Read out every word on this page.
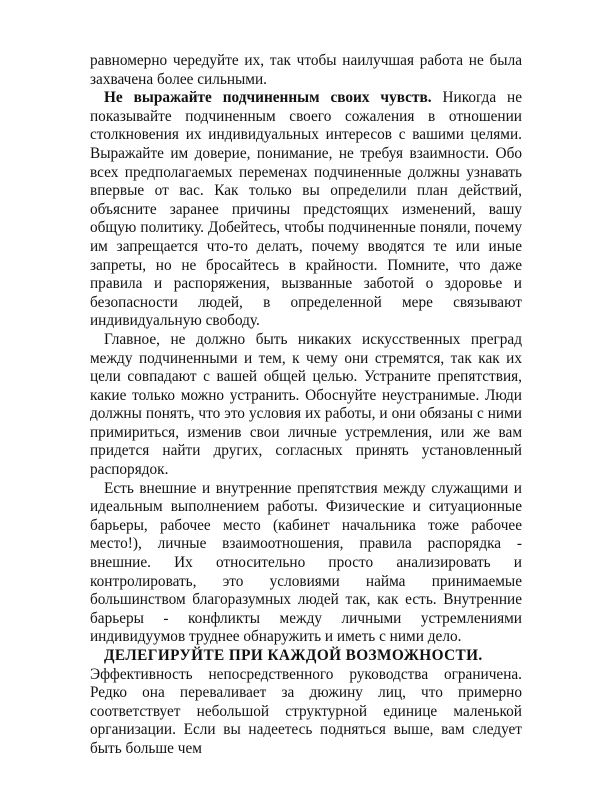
равномерно чередуйте их, так чтобы наилучшая работа не была захвачена более сильными.

Не выражайте подчиненным своих чувств. Никогда не показывайте подчиненным своего сожаления в отношении столкновения их индивидуальных интересов с вашими целями. Выражайте им доверие, понимание, не требуя взаимности. Обо всех предполагаемых переменах подчиненные должны узнавать впервые от вас. Как только вы определили план действий, объясните заранее причины предстоящих изменений, вашу общую политику. Добейтесь, чтобы подчиненные поняли, почему им запрещается что-то делать, почему вводятся те или иные запреты, но не бросайтесь в крайности. Помните, что даже правила и распоряжения, вызванные заботой о здоровье и безопасности людей, в определенной мере связывают индивидуальную свободу.

Главное, не должно быть никаких искусственных преград между подчиненными и тем, к чему они стремятся, так как их цели совпадают с вашей общей целью. Устраните препятствия, какие только можно устранить. Обоснуйте неустранимые. Люди должны понять, что это условия их работы, и они обязаны с ними примириться, изменив свои личные устремления, или же вам придется найти других, согласных принять установленный распорядок.

Есть внешние и внутренние препятствия между служащими и идеальным выполнением работы. Физические и ситуационные барьеры, рабочее место (кабинет начальника тоже рабочее место!), личные взаимоотношения, правила распорядка - внешние. Их относительно просто анализировать и контролировать, это условиями найма принимаемые большинством благоразумных людей так, как есть. Внутренние барьеры - конфликты между личными устремлениями индивидуумов труднее обнаружить и иметь с ними дело.

ДЕЛЕГИРУЙТЕ ПРИ КАЖДОЙ ВОЗМОЖНОСТИ.

Эффективность непосредственного руководства ограничена. Редко она переваливает за дюжину лиц, что примерно соответствует небольшой структурной единице маленькой организации. Если вы надеетесь подняться выше, вам следует быть больше чем
